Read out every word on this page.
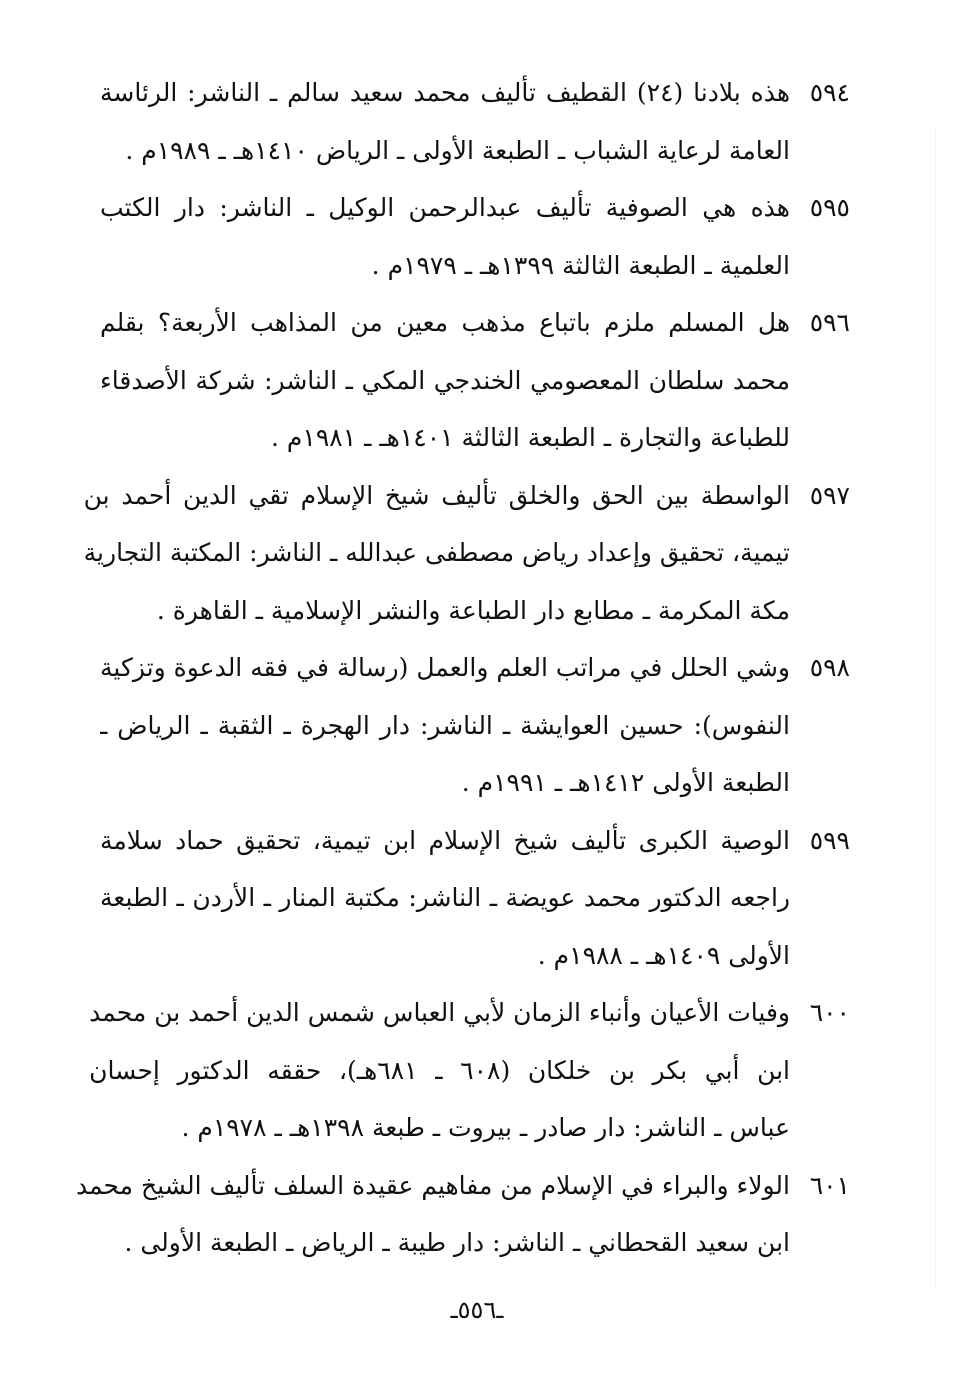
٥٩٤
هذه بلادنا (٢٤) القطيف تأليف محمد سعيد سالم ـ الناشر: الرئاسة
العامة لرعاية الشباب ـ الطبعة الأولى ـ الرياض ١٤١٠هـ ـ ١٩٨٩م .
٥٩٥
هذه هي الصوفية تأليف عبدالرحمن الوكيل ـ الناشر: دار الكتب
العلمية ـ الطبعة الثالثة ١٣٩٩هـ ـ ١٩٧٩م .
٥٩٦
هل المسلم ملزم باتباع مذهب معين من المذاهب الأربعة؟ بقلم
محمد سلطان المعصومي الخندجي المكي ـ الناشر: شركة الأصدقاء
للطباعة والتجارة ـ الطبعة الثالثة ١٤٠١هـ ـ ١٩٨١م .
٥٩٧
الواسطة بين الحق والخلق تأليف شيخ الإسلام تقي الدين أحمد بن
تيمية، تحقيق وإعداد رياض مصطفى عبدالله ـ الناشر: المكتبة التجارية
مكة المكرمة ـ مطابع دار الطباعة والنشر الإسلامية ـ القاهرة .
٥٩٨
وشي الحلل في مراتب العلم والعمل (رسالة في فقه الدعوة وتزكية
النفوس): حسين العوايشة ـ الناشر: دار الهجرة ـ الثقبة ـ الرياض ـ
الطبعة الأولى ١٤١٢هـ ـ ١٩٩١م .
٥٩٩
الوصية الكبرى تأليف شيخ الإسلام ابن تيمية، تحقيق حماد سلامة
راجعه الدكتور محمد عويضة ـ الناشر: مكتبة المنار ـ الأردن ـ الطبعة
الأولى ١٤٠٩هـ ـ ١٩٨٨م .
٦٠٠
وفيات الأعيان وأنباء الزمان لأبي العباس شمس الدين أحمد بن محمد
ابن أبي بكر بن خلكان (٦٠٨ ـ ٦٨١هـ)، حققه الدكتور إحسان
عباس ـ الناشر: دار صادر ـ بيروت ـ طبعة ١٣٩٨هـ ـ ١٩٧٨م .
٦٠١
الولاء والبراء في الإسلام من مفاهيم عقيدة السلف تأليف الشيخ محمد
ابن سعيد القحطاني ـ الناشر: دار طيبة ـ الرياض ـ الطبعة الأولى .
ـ٥٥٦ـ
